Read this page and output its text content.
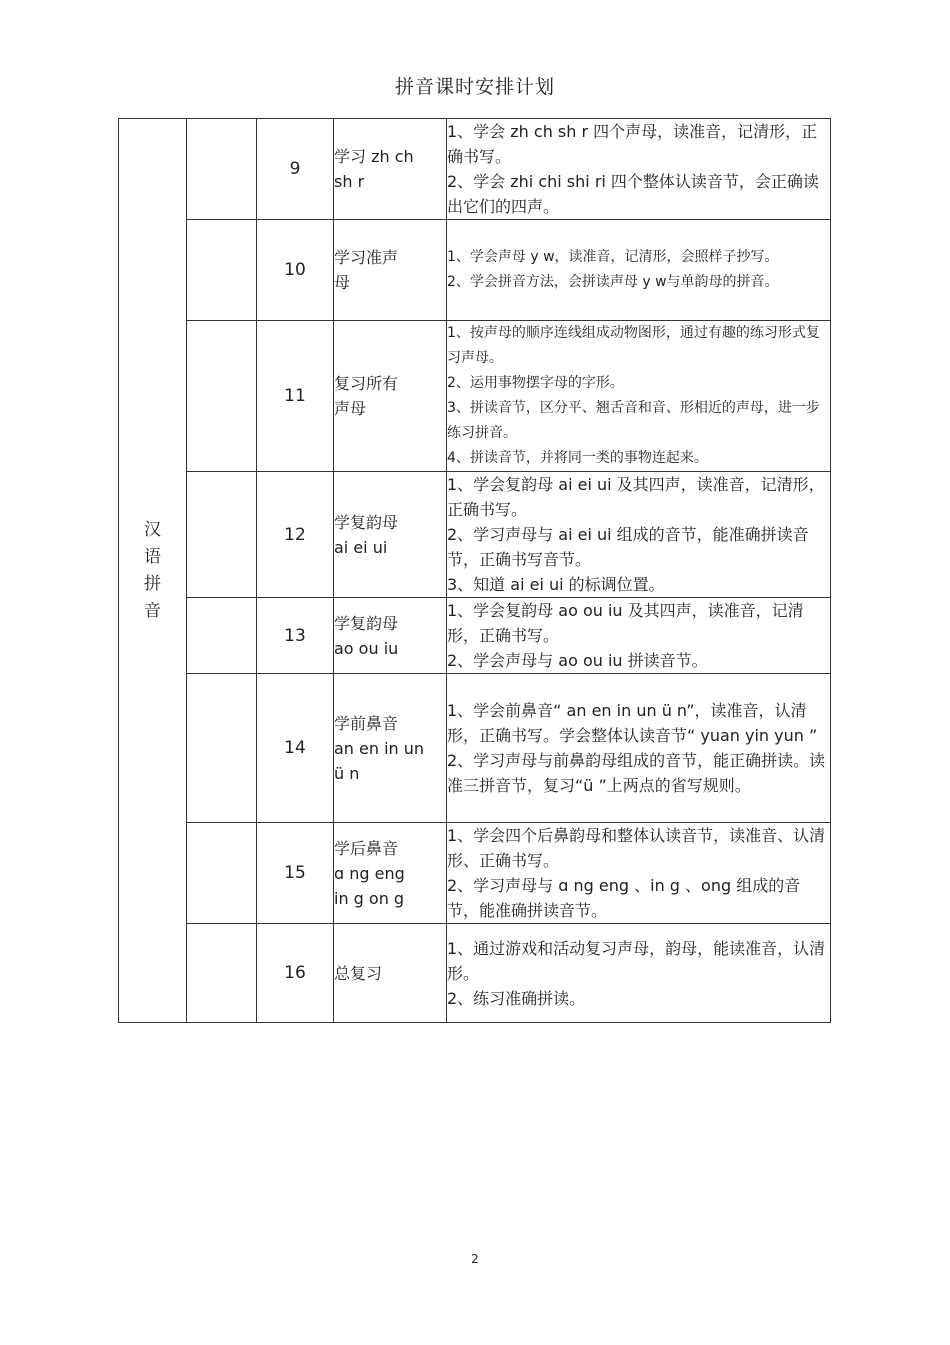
拼音课时安排计划
汉语拼音		9	学习 zh ch
sh r	1、学会 zh ch sh r 四个声母，读准音，记清形，正确书写。
2、学会 zhi chi shi ri 四个整体认读音节，会正确读出它们的四声。

		10	学习准声
母	1、学会声母 y w，读准音，记清形，会照样子抄写。
2、学会拼音方法，会拼读声母 y w与单韵母的拼音。

		11	复习所有
声母	1、按声母的顺序连线组成动物图形，通过有趣的练习形式复习声母。
2、运用事物摆字母的字形。
3、拼读音节，区分平、翘舌音和音、形相近的声母，进一步练习拼音。
4、拼读音节，并将同一类的事物连起来。

		12	学复韵母
ai ei ui	1、学会复韵母 ai ei ui 及其四声，读准音，记清形，正确书写。
2、学习声母与 ai ei ui 组成的音节，能准确拼读音节，正确书写音节。
3、知道 ai ei ui 的标调位置。

		13	学复韵母
ao ou iu	1、学会复韵母 ao ou iu 及其四声，读准音，记清形，正确书写。
2、学会声母与 ao ou iu 拼读音节。

		14	学前鼻音
an en in un
ü n	1、学会前鼻音“ an en in un ü n”，读准音，认清形，正确书写。学会整体认读音节“ yuan yin yun ”
2、学习声母与前鼻韵母组成的音节，能正确拼读。读准三拼音节，复习“ü ”上两点的省写规则。

		15	学后鼻音
ɑ ng eng
in g on g	1、学会四个后鼻韵母和整体认读音节，读准音、认清形、正确书写。
2、学习声母与 ɑ ng eng 、in g 、ong 组成的音节，能准确拼读音节。

		16	总复习	1、通过游戏和活动复习声母，韵母，能读准音，认清形。
2、练习准确拼读。
2
